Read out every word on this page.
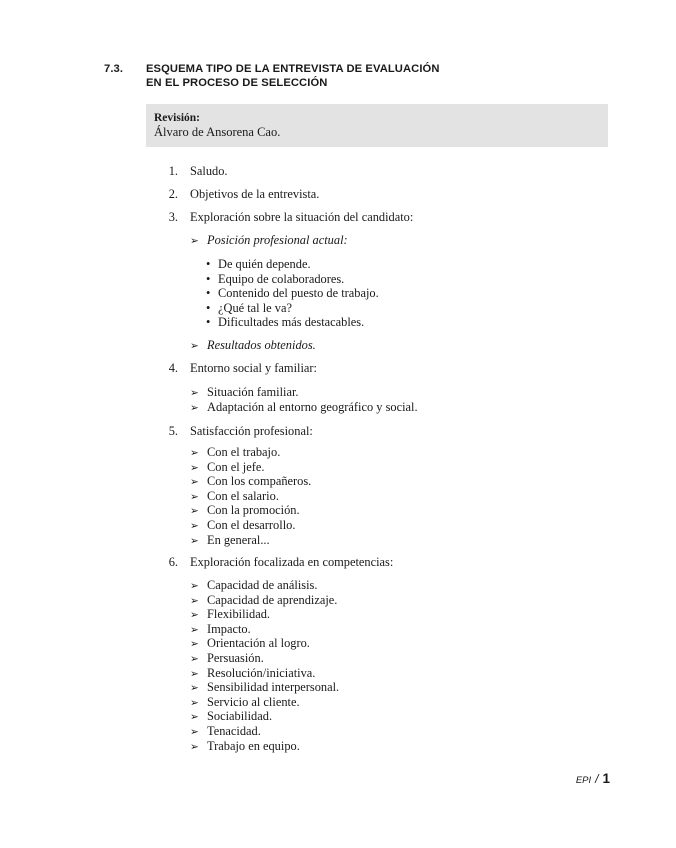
7.3.	ESQUEMA TIPO DE LA ENTREVISTA DE EVALUACIÓN
EN EL PROCESO DE SELECCIÓN
Revisión:
Álvaro de Ansorena Cao.
1. Saludo.
2. Objetivos de la entrevista.
3. Exploración sobre la situación del candidato:
➢ Posición profesional actual:
• De quién depende.
• Equipo de colaboradores.
• Contenido del puesto de trabajo.
• ¿Qué tal le va?
• Dificultades más destacables.
➢ Resultados obtenidos.
4. Entorno social y familiar:
➢ Situación familiar.
➢ Adaptación al entorno geográfico y social.
5. Satisfacción profesional:
➢ Con el trabajo.
➢ Con el jefe.
➢ Con los compañeros.
➢ Con el salario.
➢ Con la promoción.
➢ Con el desarrollo.
➢ En general...
6. Exploración focalizada en competencias:
➢ Capacidad de análisis.
➢ Capacidad de aprendizaje.
➢ Flexibilidad.
➢ Impacto.
➢ Orientación al logro.
➢ Persuasión.
➢ Resolución/iniciativa.
➢ Sensibilidad interpersonal.
➢ Servicio al cliente.
➢ Sociabilidad.
➢ Tenacidad.
➢ Trabajo en equipo.
EPI / 1
